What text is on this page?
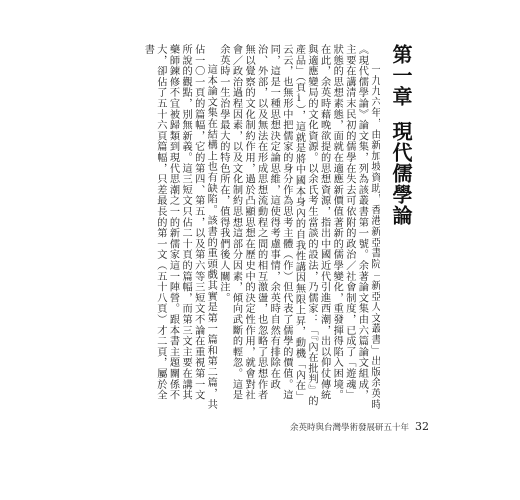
第一章現代儒學論

一九九六年，由新加坡資助，香港新亞書院「新亞人文叢書」出版余英時《現代儒學論》論文集，列為該叢書第一號。余著論文集由六篇論文組成，主要在講清末民初的儒學在失去可依附的政治／社會制度，已成了「遊魂」狀態的思想素態，面就在適應新價值著新的儒學變化，重發揮得陷入困境。在此，余英時藉晚欲提的思想資源，指出中國近代引進西潮，出以仰仗傳統與適應變局的文化資源。以余氏考生當談的設法，乃儒家：「『內在批判』的產品」（頁ⅰ），這就是將中國本身內的自我性講因無限上昇，動機「內在」云云，也無形中把儒家的身分作為思考主體（作）但代表了儒學的價值。這同，這是一種思想決定論思維，這使得考慮事情，余英時自然有排除在政治、外部，以及無法在形成思想流動程之間的相互激盪，也忽略了思想作者無以覺察的文化制約作用，過於凸顯思想在歷史中的決定性作用，就會對社會／政治過程因素，以及文化制約思想這部分因素，傾向武斷的輕忽。這是余英時一生治學最大的特色所在，值得我們後人關注。

這本論文集在結構上也有缺陷。該書的重頭戲其實是第一篇和第二篇，共佔一〇一頁的篇幅，它的第四、第五，以及第六等三短文不論在重視第一文所說的觀點，別無新義。這三短文只佔二十頁的篇幅，而第三文主要在講其藥師鍊修不宜被歸類到現代思潮之一的新儒家這一陣營。跟本書主題關係不大，卻佔了五十六頁篇幅，只差最長的第一文（五十八頁）才二頁，屬於全書

余英時與台灣學術發展研五十年 32
